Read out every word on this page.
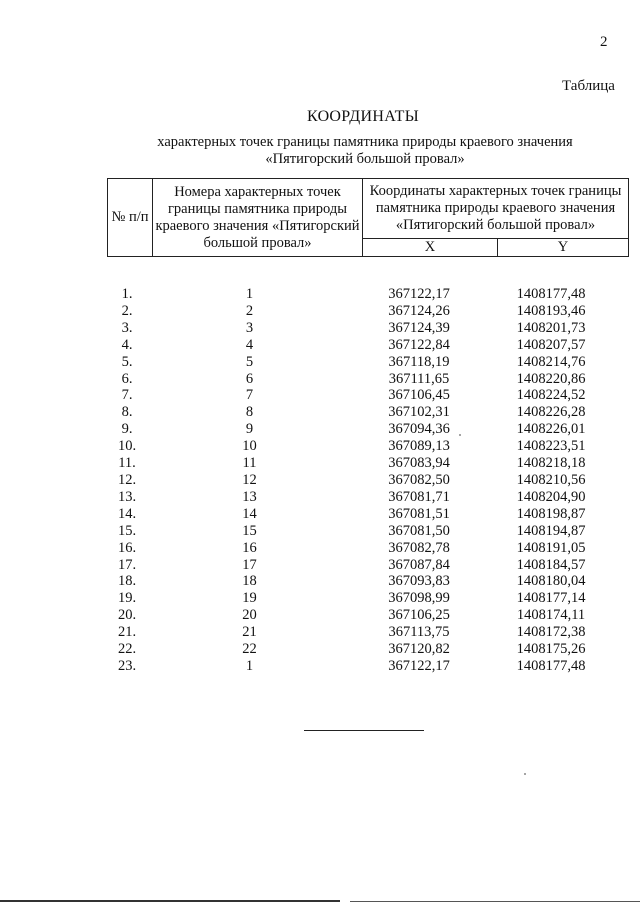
2
Таблица
КООРДИНАТЫ
характерных точек границы памятника природы краевого значения
«Пятигорский большой провал»
№ п/п	Номера характерных точек границы памятника природы краевого значения «Пятигорский большой провал»	Координаты характерных точек границы памятника природы краевого значения «Пятигорский большой провал»	
		X	Y
1.	1	367122,17	1408177,48
2.	2	367124,26	1408193,46
3.	3	367124,39	1408201,73
4.	4	367122,84	1408207,57
5.	5	367118,19	1408214,76
6.	6	367111,65	1408220,86
7.	7	367106,45	1408224,52
8.	8	367102,31	1408226,28
9.	9	367094,36	1408226,01
10.	10	367089,13	1408223,51
11.	11	367083,94	1408218,18
12.	12	367082,50	1408210,56
13.	13	367081,71	1408204,90
14.	14	367081,51	1408198,87
15.	15	367081,50	1408194,87
16.	16	367082,78	1408191,05
17.	17	367087,84	1408184,57
18.	18	367093,83	1408180,04
19.	19	367098,99	1408177,14
20.	20	367106,25	1408174,11
21.	21	367113,75	1408172,38
22.	22	367120,82	1408175,26
23.	1	367122,17	1408177,48
